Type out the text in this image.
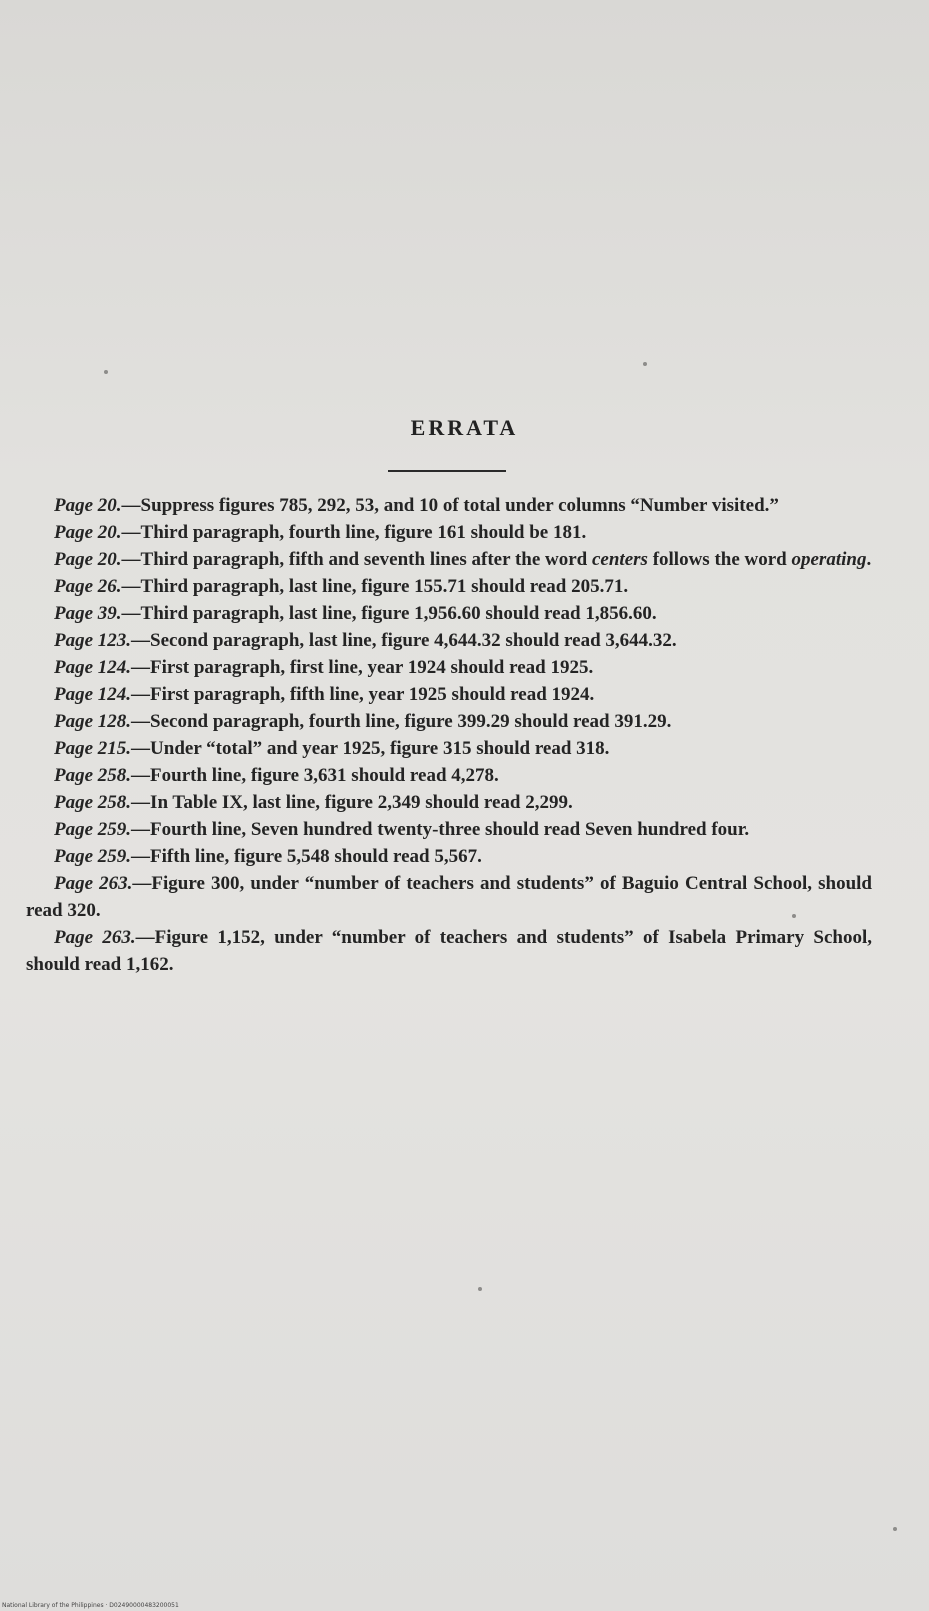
ERRATA

Page 20.—Suppress figures 785, 292, 53, and 10 of total under columns “Number visited.”

Page 20.—Third paragraph, fourth line, figure 161 should be 181.

Page 20.—Third paragraph, fifth and seventh lines after the word centers follows the word operating.

Page 26.—Third paragraph, last line, figure 155.71 should read 205.71.

Page 39.—Third paragraph, last line, figure 1,956.60 should read 1,856.60.

Page 123.—Second paragraph, last line, figure 4,644.32 should read 3,644.32.

Page 124.—First paragraph, first line, year 1924 should read 1925.

Page 124.—First paragraph, fifth line, year 1925 should read 1924.

Page 128.—Second paragraph, fourth line, figure 399.29 should read 391.29.

Page 215.—Under “total” and year 1925, figure 315 should read 318.

Page 258.—Fourth line, figure 3,631 should read 4,278.

Page 258.—In Table IX, last line, figure 2,349 should read 2,299.

Page 259.—Fourth line, Seven hundred twenty-three should read Seven hundred four.

Page 259.—Fifth line, figure 5,548 should read 5,567.

Page 263.—Figure 300, under “number of teachers and students” of Baguio Central School, should read 320.

Page 263.—Figure 1,152, under “number of teachers and students” of Isabela Primary School, should read 1,162.

National Library of the Philippines · D02490000483200051
